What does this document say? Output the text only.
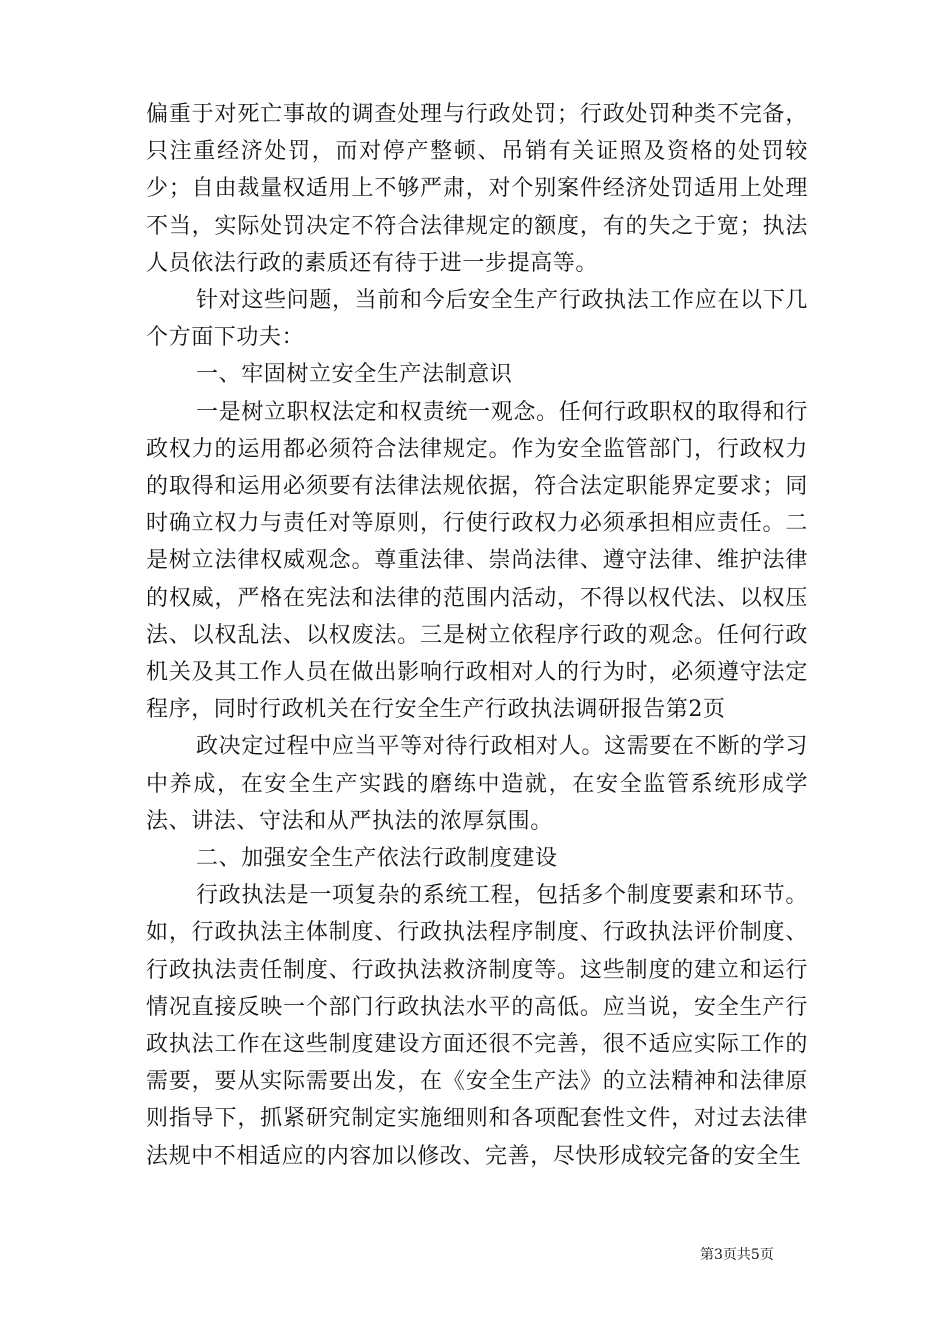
偏重于对死亡事故的调查处理与行政处罚；行政处罚种类不完备，只注重经济处罚，而对停产整顿、吊销有关证照及资格的处罚较少；自由裁量权适用上不够严肃，对个别案件经济处罚适用上处理不当，实际处罚决定不符合法律规定的额度，有的失之于宽；执法人员依法行政的素质还有待于进一步提高等。

针对这些问题，当前和今后安全生产行政执法工作应在以下几个方面下功夫：

一、牢固树立安全生产法制意识

一是树立职权法定和权责统一观念。任何行政职权的取得和行政权力的运用都必须符合法律规定。作为安全监管部门，行政权力的取得和运用必须要有法律法规依据，符合法定职能界定要求；同时确立权力与责任对等原则，行使行政权力必须承担相应责任。二是树立法律权威观念。尊重法律、崇尚法律、遵守法律、维护法律的权威，严格在宪法和法律的范围内活动，不得以权代法、以权压法、以权乱法、以权废法。三是树立依程序行政的观念。任何行政机关及其工作人员在做出影响行政相对人的行为时，必须遵守法定程序，同时行政机关在行安全生产行政执法调研报告第2页

政决定过程中应当平等对待行政相对人。这需要在不断的学习中养成，在安全生产实践的磨练中造就，在安全监管系统形成学法、讲法、守法和从严执法的浓厚氛围。

二、加强安全生产依法行政制度建设

行政执法是一项复杂的系统工程，包括多个制度要素和环节。如，行政执法主体制度、行政执法程序制度、行政执法评价制度、行政执法责任制度、行政执法救济制度等。这些制度的建立和运行情况直接反映一个部门行政执法水平的高低。应当说，安全生产行政执法工作在这些制度建设方面还很不完善，很不适应实际工作的需要，要从实际需要出发，在《安全生产法》的立法精神和法律原则指导下，抓紧研究制定实施细则和各项配套性文件，对过去法律法规中不相适应的内容加以修改、完善，尽快形成较完备的安全生

第3页共5页
